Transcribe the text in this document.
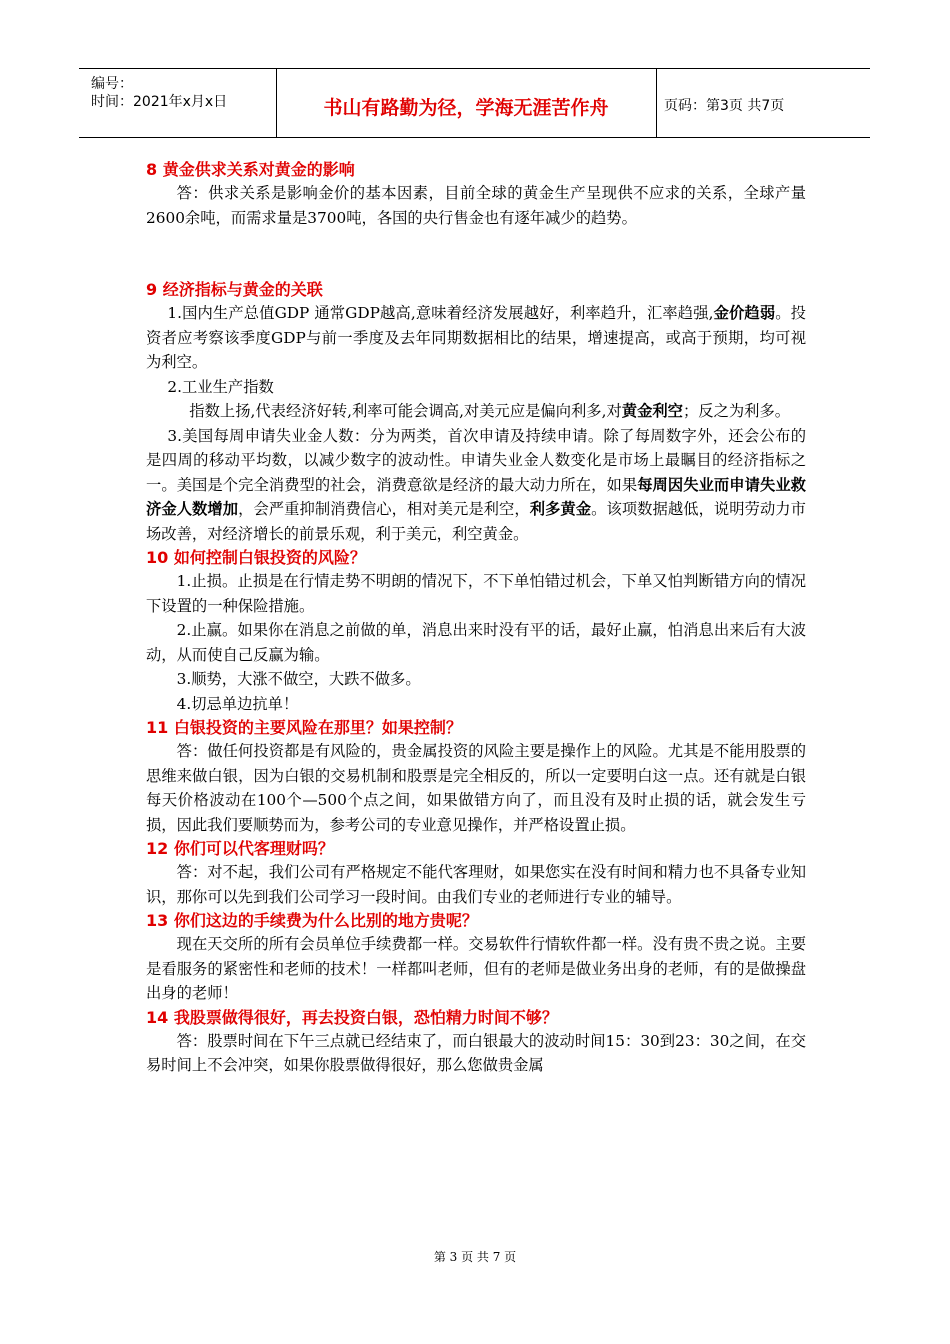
编号：
时间：2021年x月x日	书山有路勤为径，学海无涯苦作舟	页码：第3页 共7页

8 黄金供求关系对黄金的影响

答：供求关系是影响金价的基本因素，目前全球的黄金生产呈现供不应求的关系，全球产量2600余吨，而需求量是3700吨，各国的央行售金也有逐年减少的趋势。

9 经济指标与黄金的关联

1.国内生产总值GDP 通常GDP越高,意味着经济发展越好，利率趋升，汇率趋强,金价趋弱。投资者应考察该季度GDP与前一季度及去年同期数据相比的结果，增速提高，或高于预期，均可视为利空。

2.工业生产指数

指数上扬,代表经济好转,利率可能会调高,对美元应是偏向利多,对黄金利空；反之为利多。

3.美国每周申请失业金人数：分为两类，首次申请及持续申请。除了每周数字外，还会公布的是四周的移动平均数，以减少数字的波动性。申请失业金人数变化是市场上最瞩目的经济指标之一。美国是个完全消费型的社会，消费意欲是经济的最大动力所在，如果每周因失业而申请失业救济金人数增加，会严重抑制消费信心，相对美元是利空，利多黄金。该项数据越低，说明劳动力市场改善，对经济增长的前景乐观，利于美元，利空黄金。

10 如何控制白银投资的风险？

1.止损。止损是在行情走势不明朗的情况下，不下单怕错过机会，下单又怕判断错方向的情况下设置的一种保险措施。

2.止赢。如果你在消息之前做的单，消息出来时没有平的话，最好止赢，怕消息出来后有大波动，从而使自己反赢为输。

3.顺势，大涨不做空，大跌不做多。

4.切忌单边抗单！

11 白银投资的主要风险在那里？如果控制？

答：做任何投资都是有风险的，贵金属投资的风险主要是操作上的风险。尤其是不能用股票的思维来做白银，因为白银的交易机制和股票是完全相反的，所以一定要明白这一点。还有就是白银每天价格波动在100个—500个点之间，如果做错方向了，而且没有及时止损的话，就会发生亏损，因此我们要顺势而为，参考公司的专业意见操作，并严格设置止损。

12 你们可以代客理财吗？

答：对不起，我们公司有严格规定不能代客理财，如果您实在没有时间和精力也不具备专业知识，那你可以先到我们公司学习一段时间。由我们专业的老师进行专业的辅导。

13 你们这边的手续费为什么比别的地方贵呢？

现在天交所的所有会员单位手续费都一样。交易软件行情软件都一样。没有贵不贵之说。主要是看服务的紧密性和老师的技术！一样都叫老师，但有的老师是做业务出身的老师，有的是做操盘出身的老师！

14 我股票做得很好，再去投资白银，恐怕精力时间不够？

答：股票时间在下午三点就已经结束了，而白银最大的波动时间15：30到23：30之间，在交易时间上不会冲突，如果你股票做得很好，那么您做贵金属

第 3 页 共 7 页
